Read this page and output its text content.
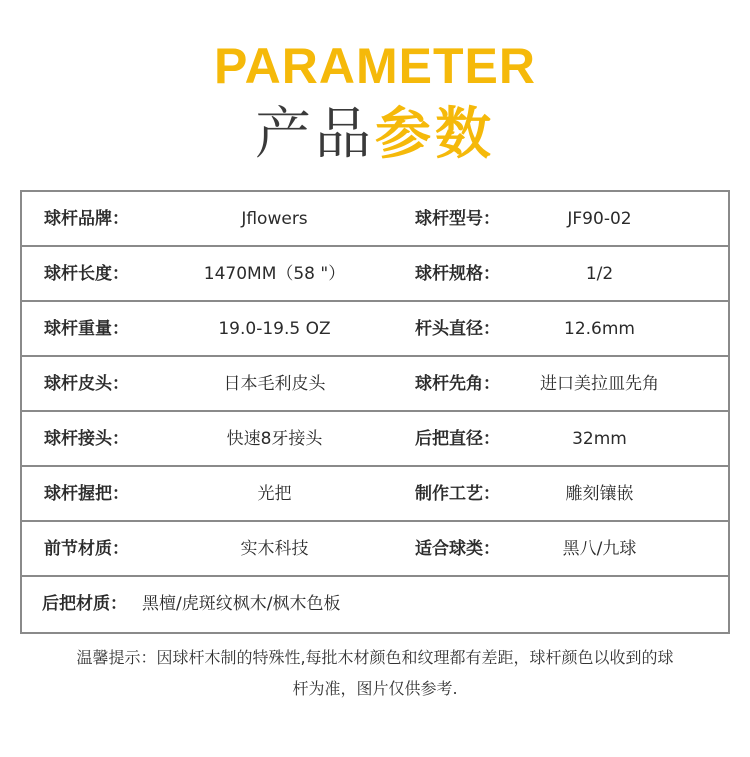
PARAMETER
产品参数
球杆品牌：	Jflowers	球杆型号：	JF90-02
球杆长度：	1470MM（58 "）	球杆规格：	1/2
球杆重量：	19.0-19.5 OZ	杆头直径：	12.6mm
球杆皮头：	日本毛利皮头	球杆先角：	进口美拉皿先角
球杆接头：	快速8牙接头	后把直径：	32mm
球杆握把：	光把	制作工艺：	雕刻镶嵌
前节材质：	实木科技	适合球类：	黑八/九球
后把材质： 黑檀/虎斑纹枫木/枫木色板
温馨提示：因球杆木制的特殊性,每批木材颜色和纹理都有差距，球杆颜色以收到的球
杆为准，图片仅供参考.
